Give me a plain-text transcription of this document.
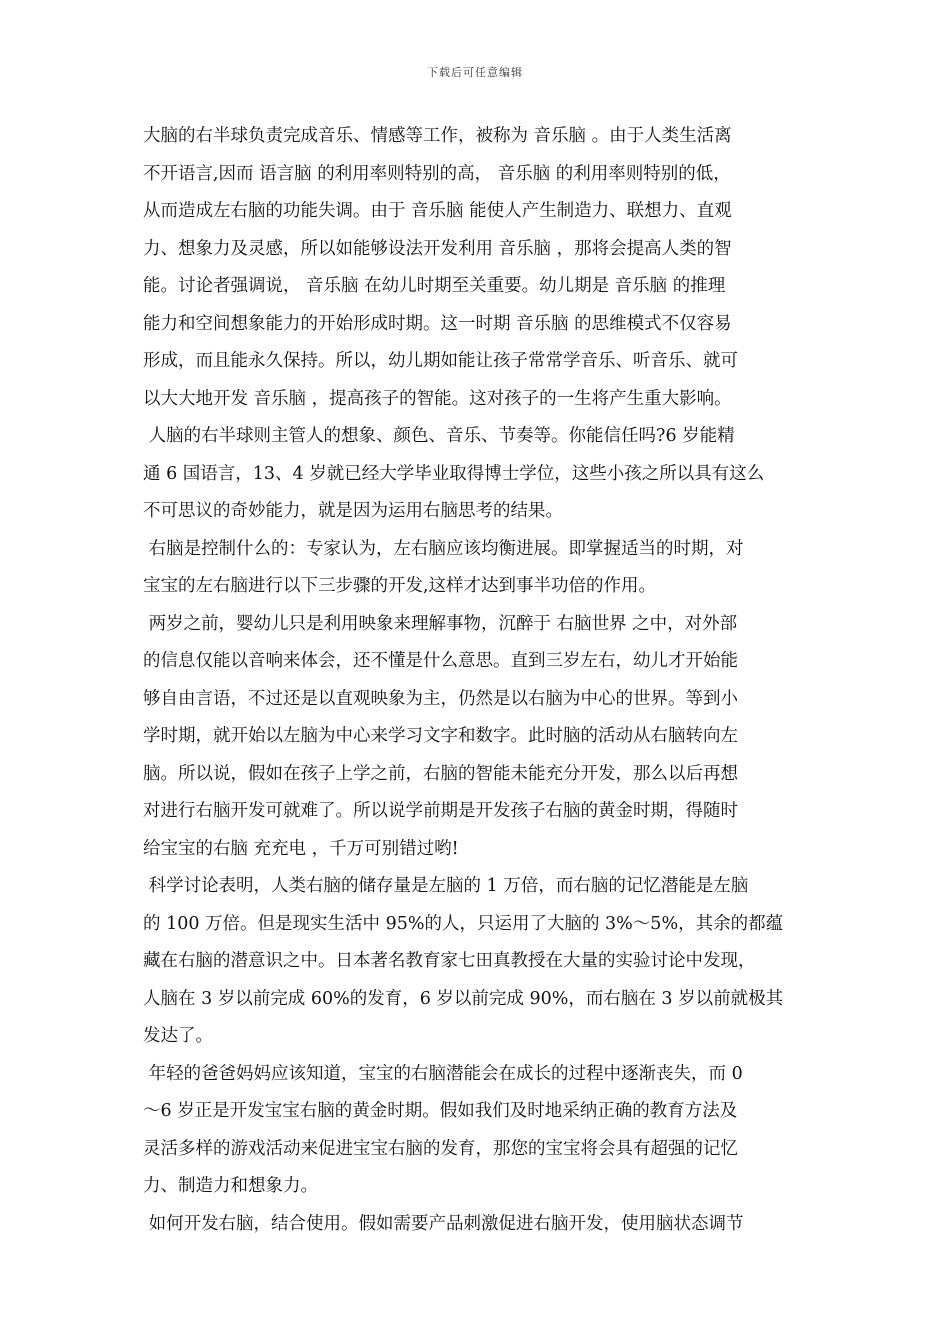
下载后可任意编辑
大脑的右半球负责完成音乐、情感等工作，被称为 音乐脑 。由于人类生活离
不开语言,因而 语言脑 的利用率则特别的高， 音乐脑 的利用率则特别的低，
从而造成左右脑的功能失调。由于 音乐脑 能使人产生制造力、联想力、直观
力、想象力及灵感，所以如能够设法开发利用 音乐脑 ，那将会提高人类的智
能。讨论者强调说， 音乐脑 在幼儿时期至关重要。幼儿期是 音乐脑 的推理
能力和空间想象能力的开始形成时期。这一时期 音乐脑 的思维模式不仅容易
形成，而且能永久保持。所以，幼儿期如能让孩子常常学音乐、听音乐、就可
以大大地开发 音乐脑 ，提高孩子的智能。这对孩子的一生将产生重大影响。
人脑的右半球则主管人的想象、颜色、音乐、节奏等。你能信任吗?6 岁能精
通 6 国语言，13、4 岁就已经大学毕业取得博士学位，这些小孩之所以具有这么
不可思议的奇妙能力，就是因为运用右脑思考的结果。
右脑是控制什么的：专家认为，左右脑应该均衡进展。即掌握适当的时期，对
宝宝的左右脑进行以下三步骤的开发,这样才达到事半功倍的作用。
两岁之前，婴幼儿只是利用映象来理解事物，沉醉于 右脑世界 之中，对外部
的信息仅能以音响来体会，还不懂是什么意思。直到三岁左右，幼儿才开始能
够自由言语，不过还是以直观映象为主，仍然是以右脑为中心的世界。等到小
学时期，就开始以左脑为中心来学习文字和数字。此时脑的活动从右脑转向左
脑。所以说，假如在孩子上学之前，右脑的智能未能充分开发，那么以后再想
对进行右脑开发可就难了。所以说学前期是开发孩子右脑的黄金时期，得随时
给宝宝的右脑 充充电 ，千万可别错过哟!
科学讨论表明，人类右脑的储存量是左脑的 1 万倍，而右脑的记忆潜能是左脑
的 100 万倍。但是现实生活中 95%的人，只运用了大脑的 3%～5%，其余的都蕴
藏在右脑的潜意识之中。日本著名教育家七田真教授在大量的实验讨论中发现，
人脑在 3 岁以前完成 60%的发育，6 岁以前完成 90%，而右脑在 3 岁以前就极其
发达了。
年轻的爸爸妈妈应该知道，宝宝的右脑潜能会在成长的过程中逐渐丧失，而 0
～6 岁正是开发宝宝右脑的黄金时期。假如我们及时地采纳正确的教育方法及
灵活多样的游戏活动来促进宝宝右脑的发育，那您的宝宝将会具有超强的记忆
力、制造力和想象力。
如何开发右脑，结合使用。假如需要产品刺激促进右脑开发，使用脑状态调节
